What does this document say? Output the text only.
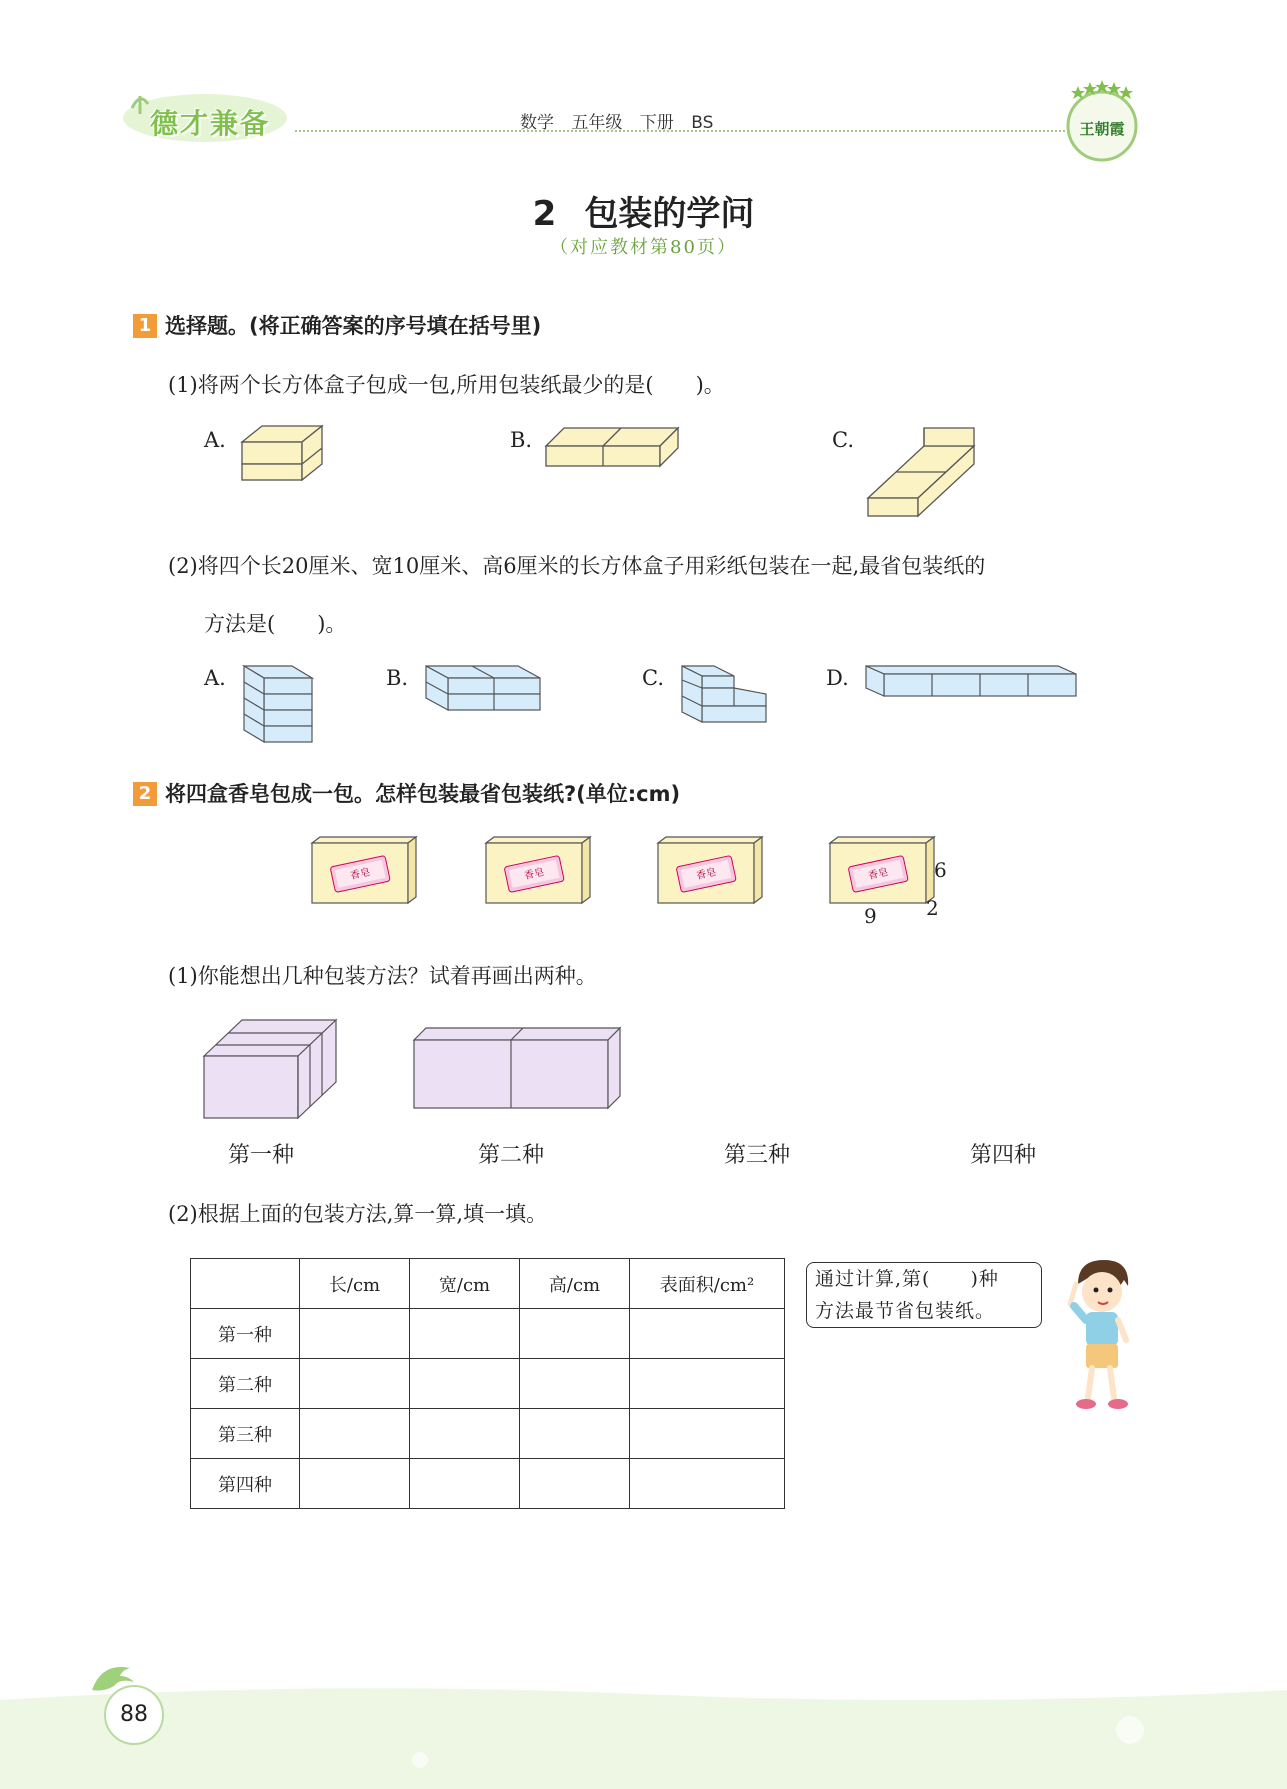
德才兼备	数学 五年级 下册 BS	王朝霞
2 包装的学问
（对应教材第80页）
1 选择题。(将正确答案的序号填在括号里)
(1)将两个长方体盒子包成一包,所用包装纸最少的是(　　)。
A.	B.	C.
(2)将四个长20厘米、宽10厘米、高6厘米的长方体盒子用彩纸包装在一起,最省包装纸的
方法是(　　)。
A.	B.	C.	D.
2 将四盒香皂包成一包。怎样包装最省包装纸?(单位:cm)
香皂	香皂	香皂	香皂 6
2
9
(1)你能想出几种包装方法？试着再画出两种。
第一种	第二种	第三种	第四种
(2)根据上面的包装方法,算一算,填一填。
	长/cm	宽/cm	高/cm	表面积/cm²
第一种				
第二种				
第三种				
第四种				
通过计算,第(　　)种
方法最节省包装纸。
88
